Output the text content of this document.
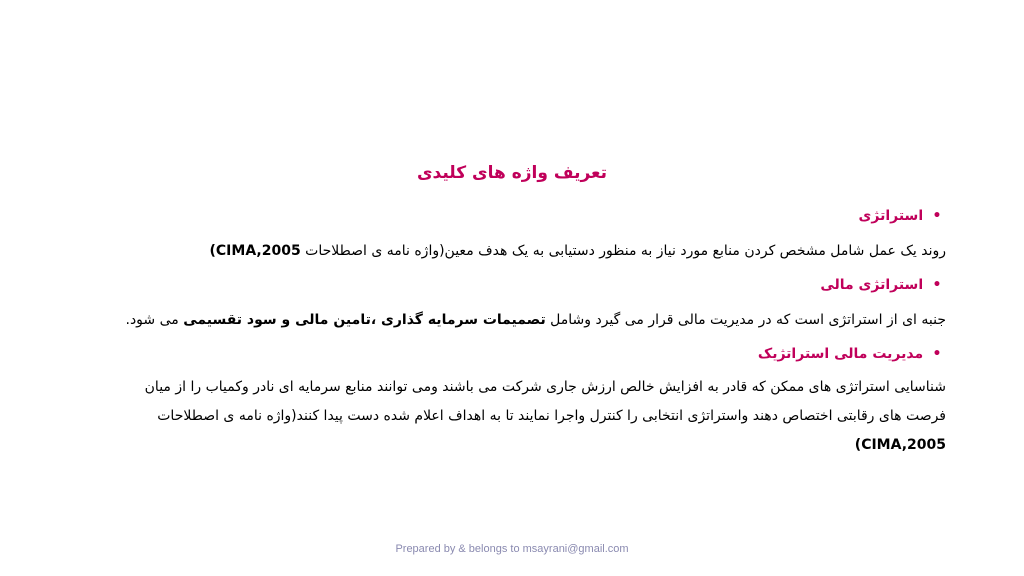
تعریف واژه های کلیدی

• استراتژی

روند یک عمل شامل مشخص کردن منابع مورد نیاز به منظور دستیابی به یک هدف معین(واژه نامه ی اصطلاحات CIMA,2005)

• استراتژی مالی

جنبه ای از استراتژی است که در مدیریت مالی قرار می گیرد وشامل تصمیمات سرمایه گذاری ،تامین مالی و سود تقسیمی می شود.

• مدیریت مالی استراتژیک

شناسایی استراتژی های ممکن که قادر به افزایش خالص ارزش جاری شرکت می باشند ومی توانند منابع سرمایه ای نادر وکمیاب را از میان
فرصت های رقابتی اختصاص دهند واستراتژی انتخابی را کنترل واجرا نمایند تا به اهداف اعلام شده دست پیدا کنند(واژه نامه ی اصطلاحات
CIMA,2005)

Prepared by & belongs to msayrani@gmail.com
